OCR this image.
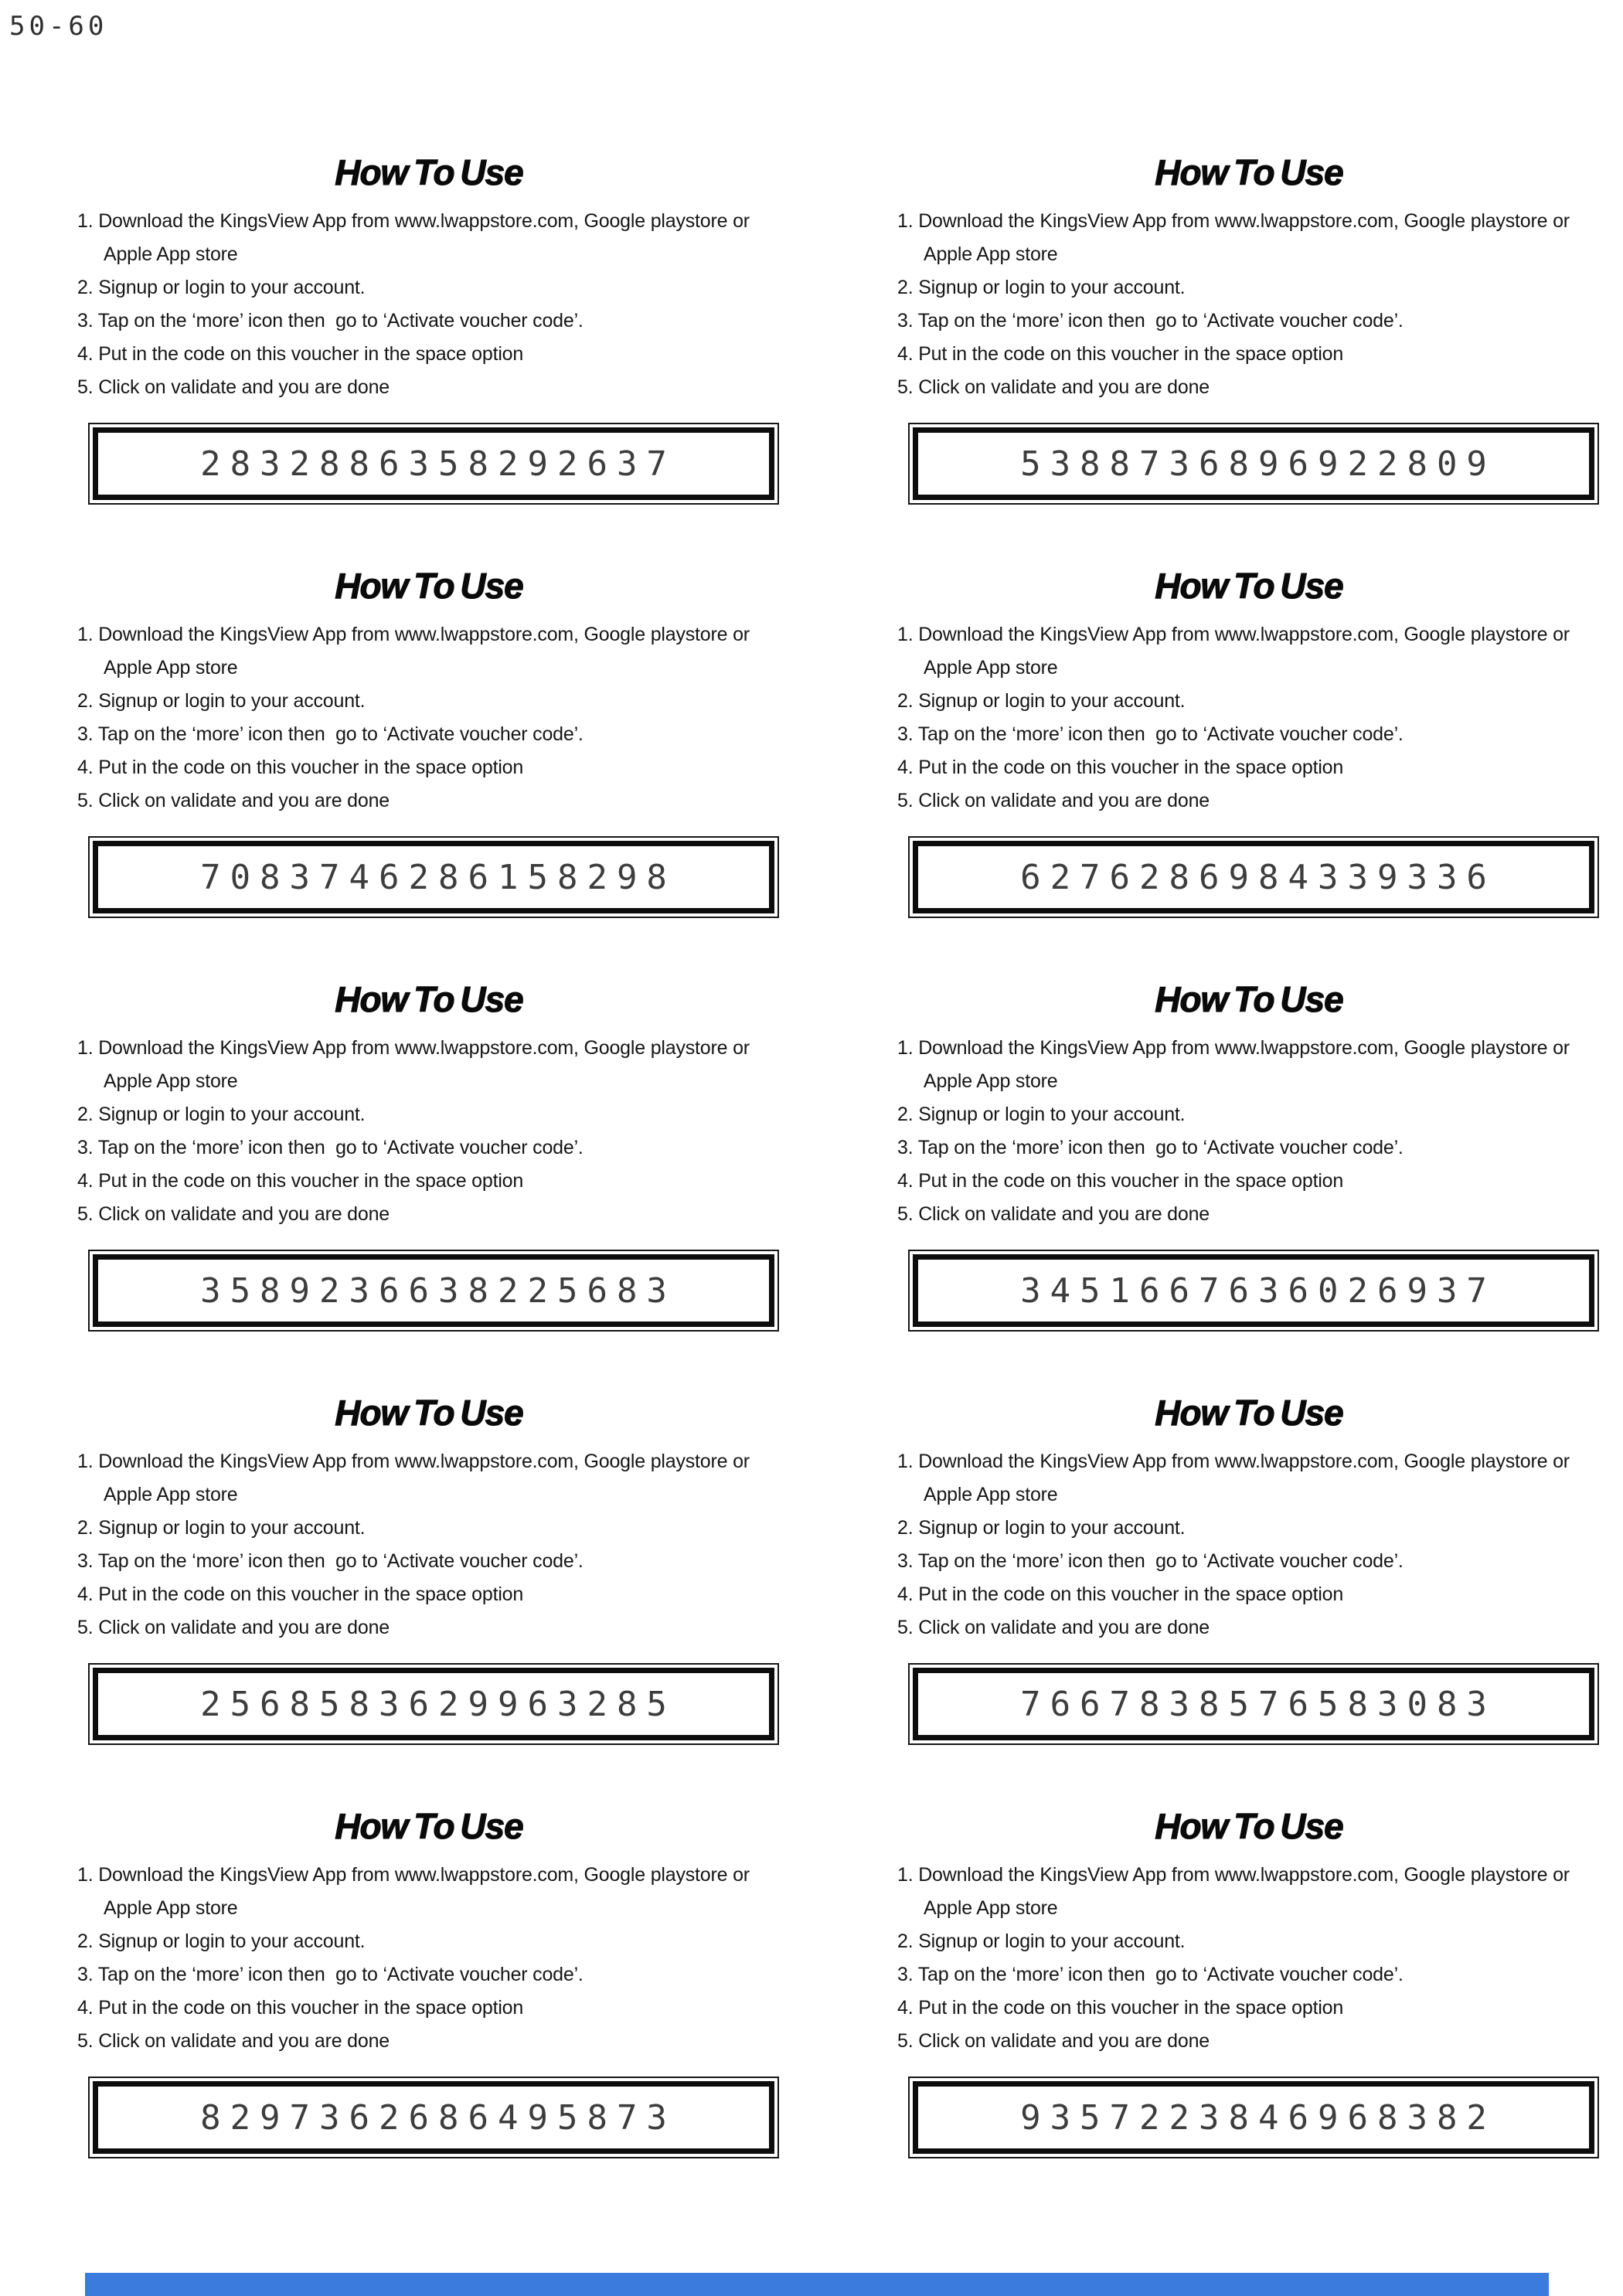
50-60
How To Use
1. Download the KingsView App from www.lwappstore.com, Google playstore or
Apple App store
2. Signup or login to your account.
3. Tap on the ‘more’ icon then  go to ‘Activate voucher code’.
4. Put in the code on this voucher in the space option
5. Click on validate and you are done
2832886358292637
How To Use
1. Download the KingsView App from www.lwappstore.com, Google playstore or
Apple App store
2. Signup or login to your account.
3. Tap on the ‘more’ icon then  go to ‘Activate voucher code’.
4. Put in the code on this voucher in the space option
5. Click on validate and you are done
5388736896922809
How To Use
1. Download the KingsView App from www.lwappstore.com, Google playstore or
Apple App store
2. Signup or login to your account.
3. Tap on the ‘more’ icon then  go to ‘Activate voucher code’.
4. Put in the code on this voucher in the space option
5. Click on validate and you are done
7083746286158298
How To Use
1. Download the KingsView App from www.lwappstore.com, Google playstore or
Apple App store
2. Signup or login to your account.
3. Tap on the ‘more’ icon then  go to ‘Activate voucher code’.
4. Put in the code on this voucher in the space option
5. Click on validate and you are done
6276286984339336
How To Use
1. Download the KingsView App from www.lwappstore.com, Google playstore or
Apple App store
2. Signup or login to your account.
3. Tap on the ‘more’ icon then  go to ‘Activate voucher code’.
4. Put in the code on this voucher in the space option
5. Click on validate and you are done
3589236638225683
How To Use
1. Download the KingsView App from www.lwappstore.com, Google playstore or
Apple App store
2. Signup or login to your account.
3. Tap on the ‘more’ icon then  go to ‘Activate voucher code’.
4. Put in the code on this voucher in the space option
5. Click on validate and you are done
3451667636026937
How To Use
1. Download the KingsView App from www.lwappstore.com, Google playstore or
Apple App store
2. Signup or login to your account.
3. Tap on the ‘more’ icon then  go to ‘Activate voucher code’.
4. Put in the code on this voucher in the space option
5. Click on validate and you are done
2568583629963285
How To Use
1. Download the KingsView App from www.lwappstore.com, Google playstore or
Apple App store
2. Signup or login to your account.
3. Tap on the ‘more’ icon then  go to ‘Activate voucher code’.
4. Put in the code on this voucher in the space option
5. Click on validate and you are done
7667838576583083
How To Use
1. Download the KingsView App from www.lwappstore.com, Google playstore or
Apple App store
2. Signup or login to your account.
3. Tap on the ‘more’ icon then  go to ‘Activate voucher code’.
4. Put in the code on this voucher in the space option
5. Click on validate and you are done
8297362686495873
How To Use
1. Download the KingsView App from www.lwappstore.com, Google playstore or
Apple App store
2. Signup or login to your account.
3. Tap on the ‘more’ icon then  go to ‘Activate voucher code’.
4. Put in the code on this voucher in the space option
5. Click on validate and you are done
9357223846968382
